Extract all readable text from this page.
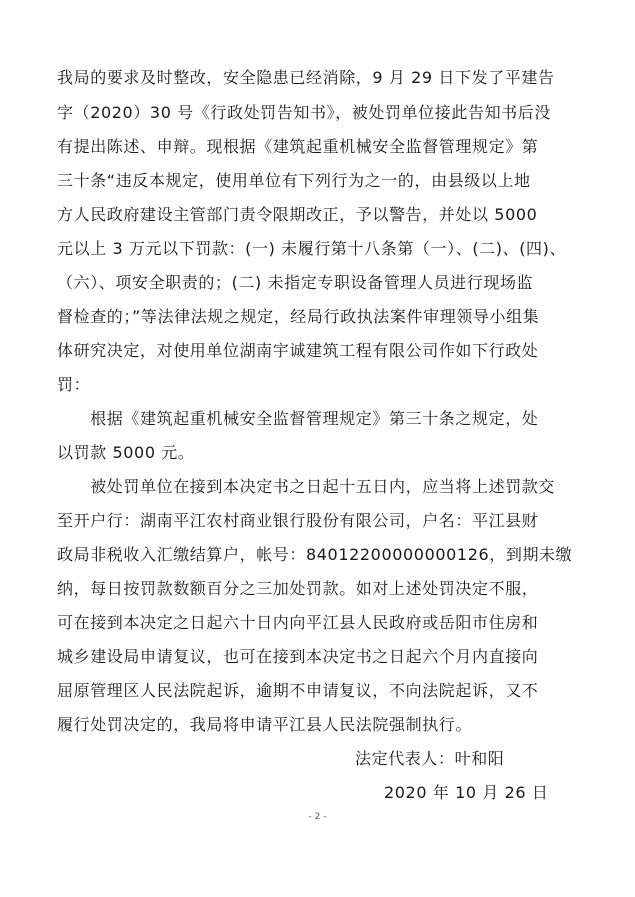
我局的要求及时整改，安全隐患已经消除，9 月 29 日下发了平建告
字（2020）30 号《行政处罚告知书》，被处罚单位接此告知书后没
有提出陈述、申辩。现根据《建筑起重机械安全监督管理规定》第
三十条“违反本规定，使用单位有下列行为之一的，由县级以上地
方人民政府建设主管部门责令限期改正，予以警告，并处以 5000
元以上 3 万元以下罚款：(一) 未履行第十八条第（一）、(二)、(四)、
（六）、项安全职责的；(二) 未指定专职设备管理人员进行现场监
督检查的；”等法律法规之规定，经局行政执法案件审理领导小组集
体研究决定，对使用单位湖南宇诚建筑工程有限公司作如下行政处
罚：
　　根据《建筑起重机械安全监督管理规定》第三十条之规定，处
以罚款 5000 元。
　　被处罚单位在接到本决定书之日起十五日内，应当将上述罚款交
至开户行：湖南平江农村商业银行股份有限公司，户名：平江县财
政局非税收入汇缴结算户，帐号：84012200000000126，到期未缴
纳，每日按罚款数额百分之三加处罚款。如对上述处罚决定不服，
可在接到本决定之日起六十日内向平江县人民政府或岳阳市住房和
城乡建设局申请复议，也可在接到本决定书之日起六个月内直接向
屈原管理区人民法院起诉，逾期不申请复议，不向法院起诉，又不
履行处罚决定的，我局将申请平江县人民法院强制执行。
法定代表人：叶和阳
2020 年 10 月 26 日
- 2 -
